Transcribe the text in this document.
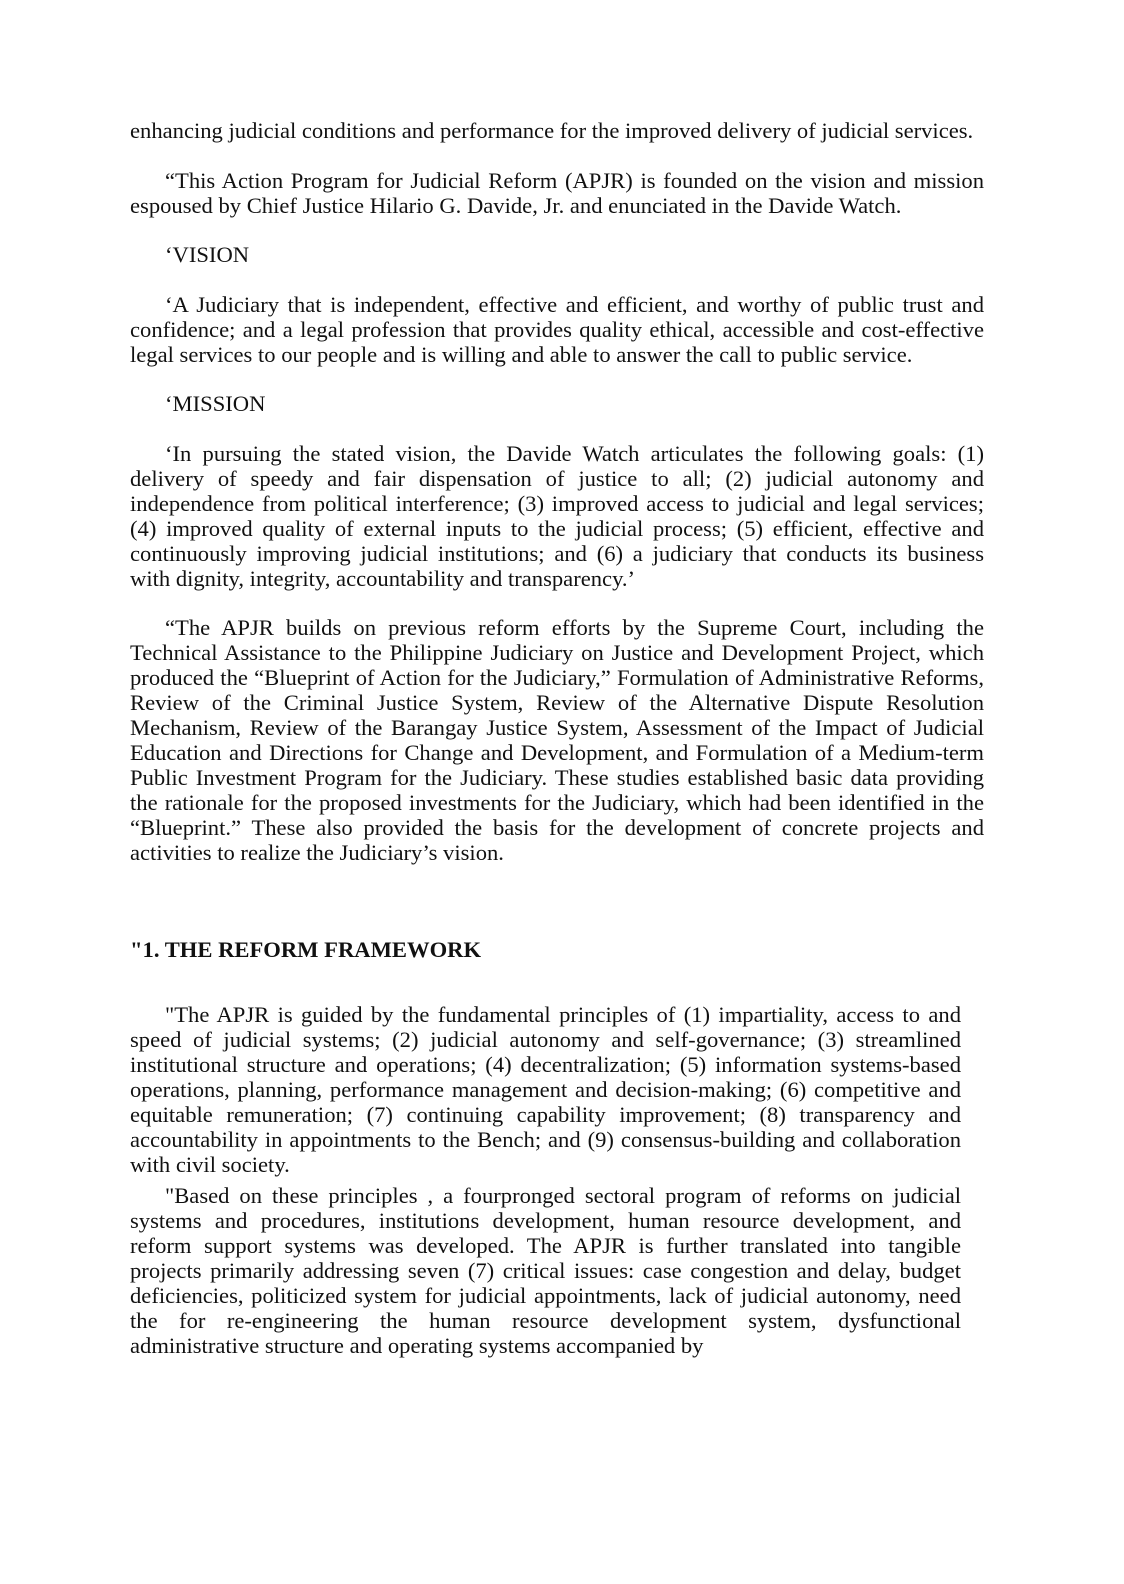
enhancing judicial conditions and performance for the improved delivery of judicial services.

“This Action Program for Judicial Reform (APJR) is founded on the vision and mission espoused by Chief Justice Hilario G. Davide, Jr. and enunciated in the Davide Watch.

‘VISION

‘A Judiciary that is independent, effective and efficient, and worthy of public trust and confidence; and a legal profession that provides quality ethical, accessible and cost-effective legal services to our people and is willing and able to answer the call to public service.

‘MISSION

‘In pursuing the stated vision, the Davide Watch articulates the following goals: (1) delivery of speedy and fair dispensation of justice to all; (2) judicial autonomy and independence from political interference; (3) improved access to judicial and legal services; (4) improved quality of external inputs to the judicial process; (5) efficient, effective and continuously improving judicial institutions; and (6) a judiciary that conducts its business with dignity, integrity, accountability and transparency.’

“The APJR builds on previous reform efforts by the Supreme Court, including the Technical Assistance to the Philippine Judiciary on Justice and Development Project, which produced the “Blueprint of Action for the Judiciary,” Formulation of Administrative Reforms, Review of the Criminal Justice System, Review of the Alternative Dispute Resolution Mechanism, Review of the Barangay Justice System, Assessment of the Impact of Judicial Education and Directions for Change and Development, and Formulation of a Medium-term Public Investment Program for the Judiciary. These studies established basic data providing the rationale for the proposed investments for the Judiciary, which had been identified in the “Blueprint.” These also provided the basis for the development of concrete projects and activities to realize the Judiciary’s vision.

"1. THE REFORM FRAMEWORK

"The APJR is guided by the fundamental principles of (1) impartiality, access to and speed of judicial systems; (2) judicial autonomy and self-governance; (3) streamlined institutional structure and operations; (4) decentralization; (5) information systems-based operations, planning, performance management and decision-making; (6) competitive and equitable remuneration; (7) continuing capability improvement; (8) transparency and accountability in appointments to the Bench; and (9) consensus-building and collaboration with civil society.

"Based on these principles , a fourpronged sectoral program of reforms on judicial systems and procedures, institutions development, human resource development, and reform support systems was developed. The APJR is further translated into tangible projects primarily addressing seven (7) critical issues: case congestion and delay, budget deficiencies, politicized system for judicial appointments, lack of judicial autonomy, need the for re-engineering the human resource development system, dysfunctional administrative structure and operating systems accompanied by
